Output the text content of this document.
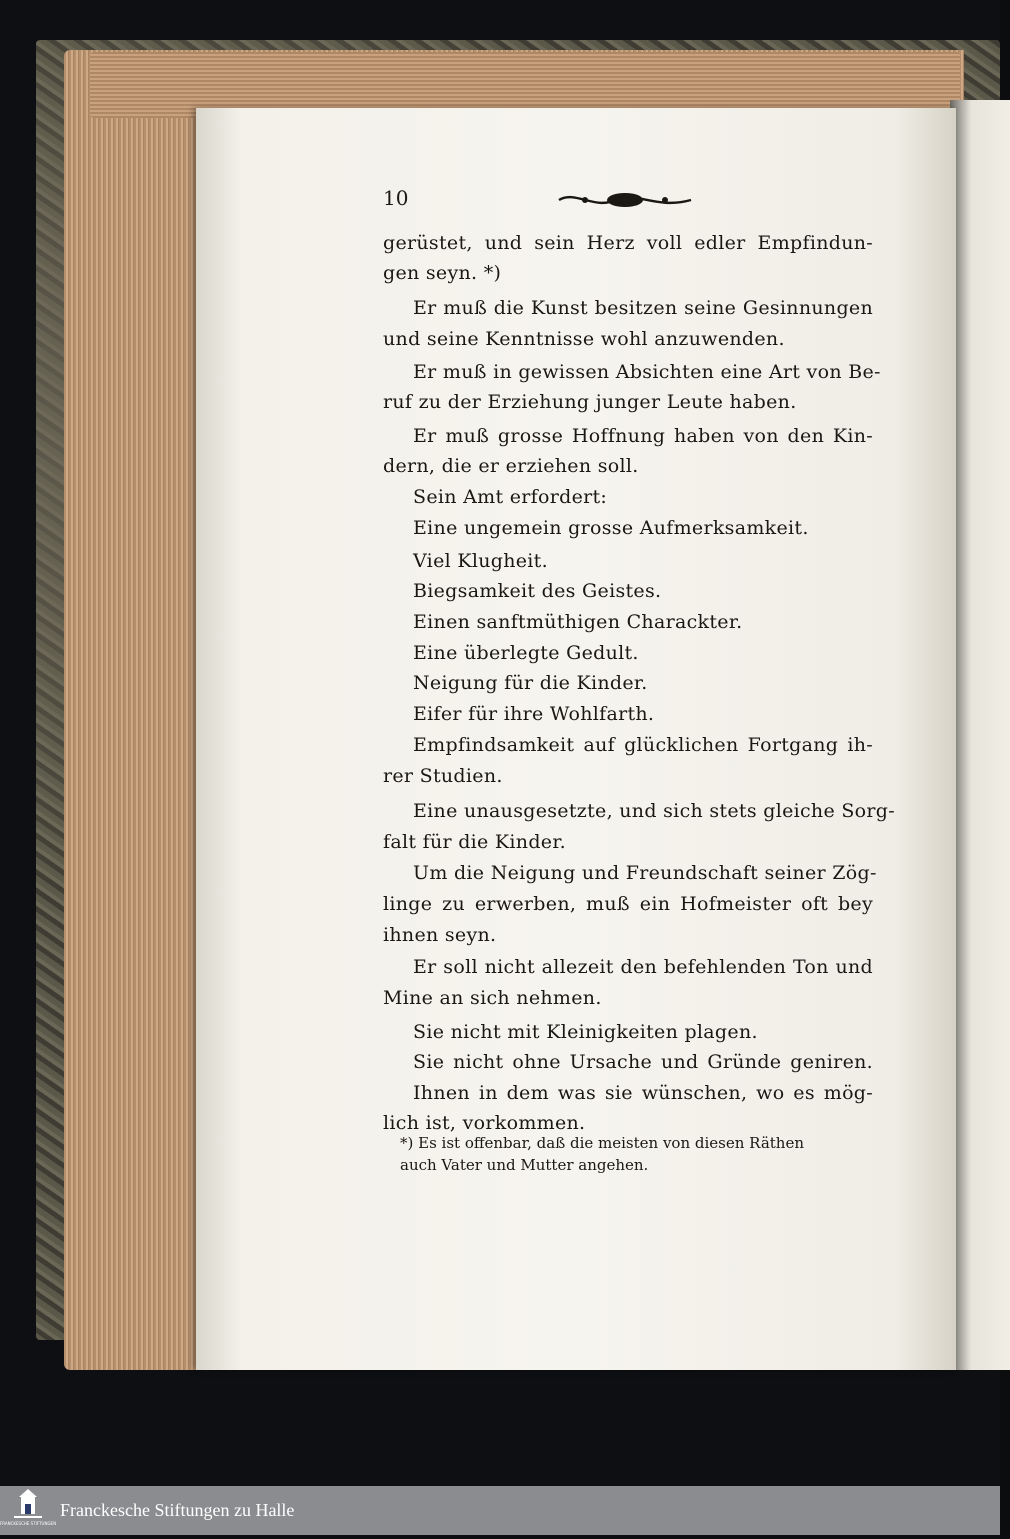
10
gerüstet, und sein Herz voll edler Empfindun-
gen seyn. *)
Er muß die Kunst besitzen seine Gesinnungen
und seine Kenntnisse wohl anzuwenden.
Er muß in gewissen Absichten eine Art von Be-
ruf zu der Erziehung junger Leute haben.
Er muß grosse Hoffnung haben von den Kin-
dern, die er erziehen soll.
Sein Amt erfordert:
Eine ungemein grosse Aufmerksamkeit.
Viel Klugheit.
Biegsamkeit des Geistes.
Einen sanftmüthigen Charackter.
Eine überlegte Gedult.
Neigung für die Kinder.
Eifer für ihre Wohlfarth.
Empfindsamkeit auf glücklichen Fortgang ih-
rer Studien.
Eine unausgesetzte, und sich stets gleiche Sorg-
falt für die Kinder.
Um die Neigung und Freundschaft seiner Zög-
linge zu erwerben, muß ein Hofmeister oft bey
ihnen seyn.
Er soll nicht allezeit den befehlenden Ton und
Mine an sich nehmen.
Sie nicht mit Kleinigkeiten plagen.
Sie nicht ohne Ursache und Gründe geniren.
Ihnen in dem was sie wünschen, wo es mög-
lich ist, vorkommen.
*) Es ist offenbar, daß die meisten von diesen Räthen
auch Vater und Mutter angehen.
FRANCKESCHE STIFTUNGEN
Franckesche Stiftungen zu Halle
